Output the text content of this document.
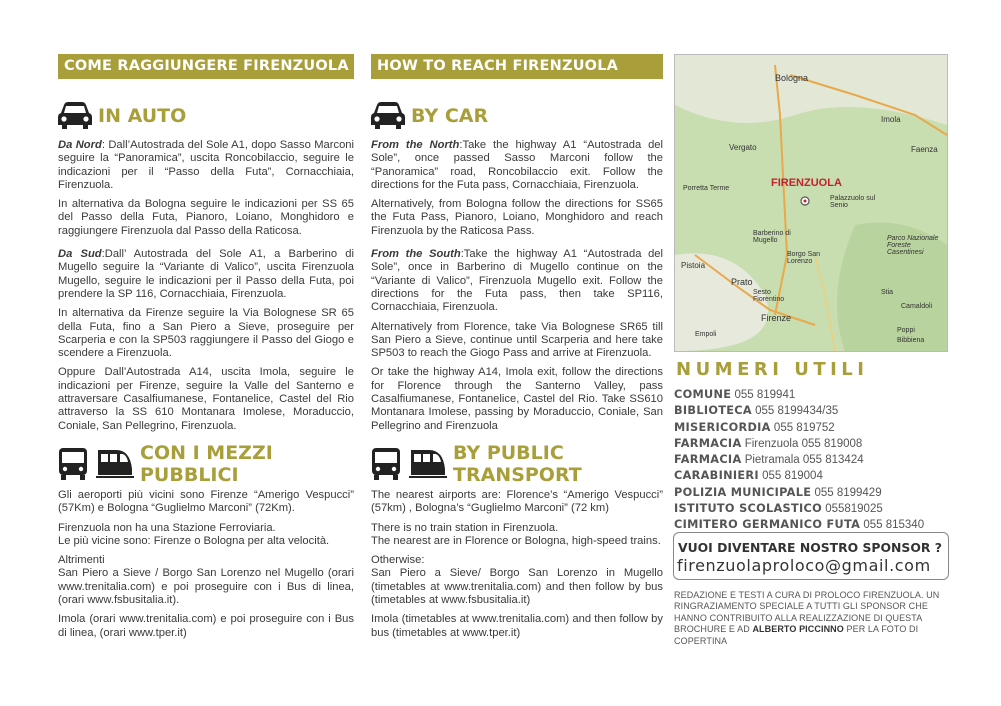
COME RAGGIUNGERE FIRENZUOLA
IN AUTO

Da Nord: Dall’Autostrada del Sole A1, dopo Sasso Marconi seguire la “Panoramica”, uscita Roncobilaccio, seguire le indicazioni per il “Passo della Futa”, Cornacchiaia, Firenzuola.

In alternativa da Bologna seguire le indicazioni per SS 65 del Passo della Futa, Pianoro, Loiano, Monghidoro e raggiungere Firenzuola dal Passo della Raticosa.

Da Sud:Dall’ Autostrada del Sole A1, a Barberino di Mugello seguire la “Variante di Valico”, uscita Firenzuola Mugello, seguire le indicazioni per il Passo della Futa, poi prendere la SP 116, Cornacchiaia, Firenzuola.

In alternativa da Firenze seguire la Via Bolognese SR 65 della Futa, fino a San Piero a Sieve, proseguire per Scarperia e con la SP503 raggiungere il Passo del Giogo e scendere a Firenzuola.

Oppure Dall’Autostrada A14, uscita Imola, seguire le indicazioni per Firenze, seguire la Valle del Santerno e attraversare Casalfiumanese, Fontanelice, Castel del Rio attraverso la SS 610 Montanara Imolese, Moraduccio, Coniale, San Pellegrino, Firenzuola.

CON I MEZZI PUBBLICI

Gli aeroporti più vicini sono Firenze “Amerigo Vespucci” (57Km) e Bologna “Guglielmo Marconi” (72Km).

Firenzuola non ha una Stazione Ferroviaria.

Le più vicine sono: Firenze o Bologna per alta velocità.

Altrimenti

San Piero a Sieve / Borgo San Lorenzo nel Mugello (orari www.trenitalia.com) e poi proseguire con i Bus di linea, (orari www.fsbusitalia.it).

Imola (orari www.trenitalia.com) e poi proseguire con i Bus di linea, (orari www.tper.it)

HOW TO REACH FIRENZUOLA
BY CAR

From the North:Take the highway A1 “Autostrada del Sole”, once passed Sasso Marconi follow the “Panoramica” road, Roncobilaccio exit. Follow the directions for the Futa pass, Cornacchiaia, Firenzuola.

Alternatively, from Bologna follow the directions for SS65 the Futa Pass, Pianoro, Loiano, Monghidoro and reach Firenzuola by the Raticosa Pass.

From the South:Take the highway A1 “Autostrada del Sole”, once in Barberino di Mugello continue on the “Variante di Valico”, Firenzuola Mugello exit. Follow the directions for the Futa pass, then take SP116, Cornacchiaia, Firenzuola.

Alternatively from Florence, take Via Bolognese SR65 till San Piero a Sieve, continue until Scarperia and here take SP503 to reach the Giogo Pass and arrive at Firenzuola.

Or take the highway A14, Imola exit, follow the directions for Florence through the Santerno Valley, pass Casalfiumanese, Fontanelice, Castel del Rio. Take SS610 Montanara Imolese, passing by Moraduccio, Coniale, San Pellegrino and Firenzuola

BY PUBLIC TRANSPORT

The nearest airports are: Florence’s “Amerigo Vespucci” (57km) , Bologna’s “Guglielmo Marconi” (72 km)

There is no train station in Firenzuola.

The nearest are in Florence or Bologna, high-speed trains.

Otherwise:

San Piero a Sieve/ Borgo San Lorenzo in Mugello (timetables at www.trenitalia.com) and then follow by bus (timetables at www.fsbusitalia.it)

Imola (timetables at www.trenitalia.com) and then follow by bus (timetables at www.tper.it)

Bologna
Imola
Faenza
Vergato
Porretta Terme	FIRENZUOLA
Palazzuolo sul Senio
Barberino di Mugello
Borgo San Lorenzo
Parco Nazionale Foreste Casentinesi
Pistoia
Prato
Sesto Fiorentino
Firenze
Empoli
Stia
Camaldoli
Poppi
Bibbiena
NUMERI UTILI
COMUNE 055 819941
BIBLIOTECA 055 8199434/35
MISERICORDIA 055 819752
FARMACIA Firenzuola 055 819008
FARMACIA Pietramala 055 813424
CARABINIERI 055 819004
POLIZIA MUNICIPALE 055 8199429
ISTITUTO SCOLASTICO 055819025
CIMITERO GERMANICO FUTA 055 815340
VUOI DIVENTARE NOSTRO SPONSOR ?
firenzuolaproloco@gmail.com
REDAZIONE E TESTI A CURA DI PROLOCO FIRENZUOLA. UN RINGRAZIAMENTO SPECIALE A TUTTI GLI SPONSOR CHE HANNO CONTRIBUITO ALLA REALIZZAZIONE DI QUESTA BROCHURE E AD ALBERTO PICCINNO PER LA FOTO DI COPERTINA
